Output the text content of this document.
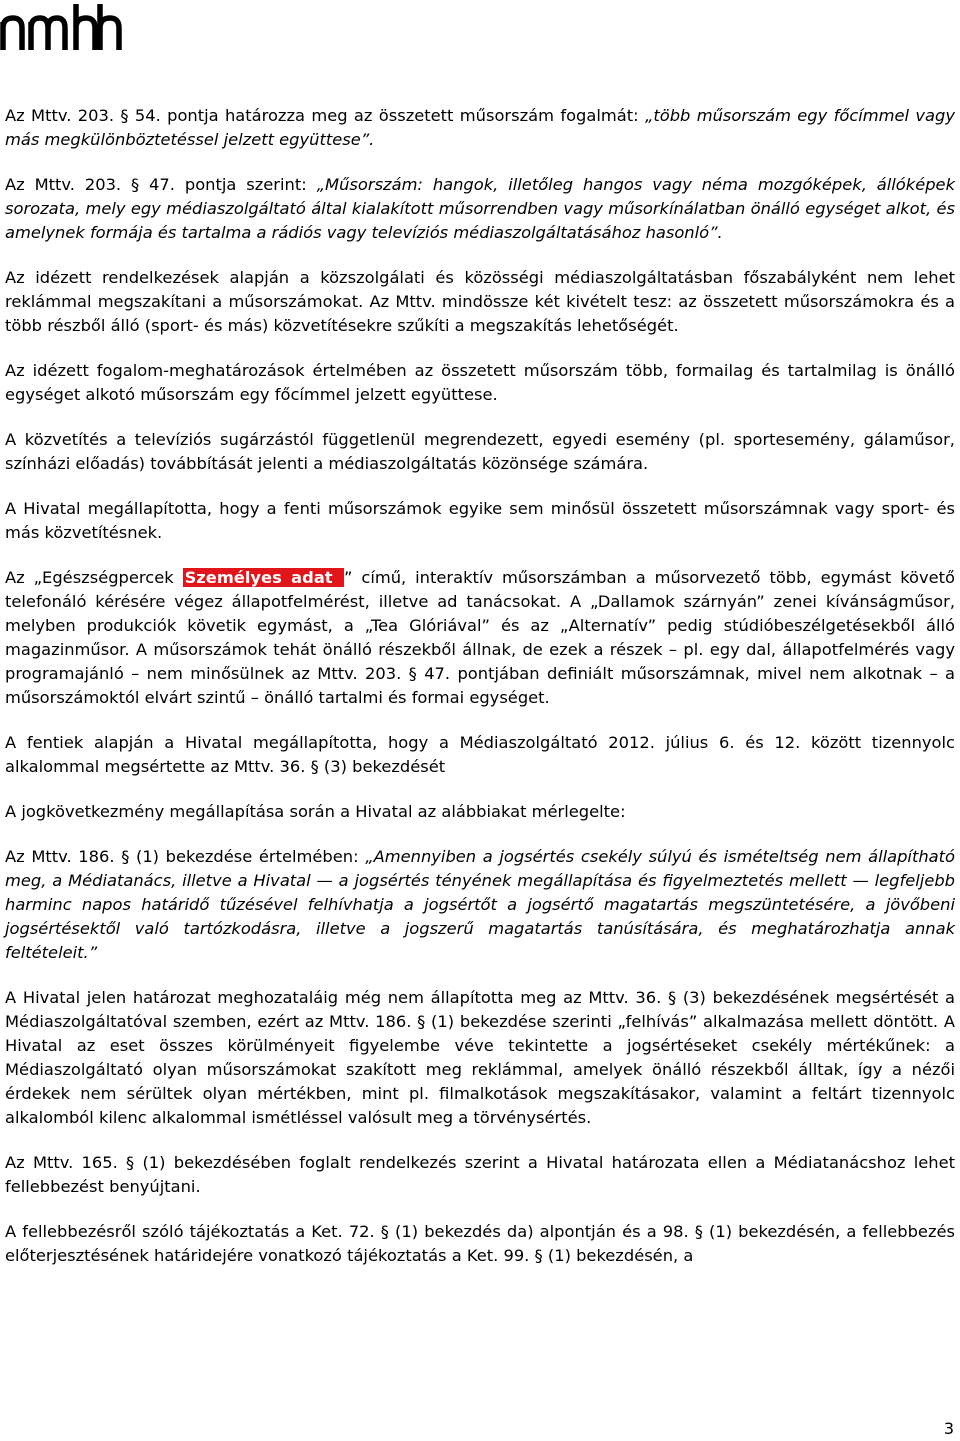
Az Mttv. 203. § 54. pontja határozza meg az összetett műsorszám fogalmát: „több műsorszám egy főcímmel vagy más megkülönböztetéssel jelzett együttese”.

Az Mttv. 203. § 47. pontja szerint: „Műsorszám: hangok, illetőleg hangos vagy néma mozgóképek, állóképek sorozata, mely egy médiaszolgáltató által kialakított műsorrendben vagy műsorkínálatban önálló egységet alkot, és amelynek formája és tartalma a rádiós vagy televíziós médiaszolgáltatásához hasonló”.

Az idézett rendelkezések alapján a közszolgálati és közösségi médiaszolgáltatásban főszabályként nem lehet reklámmal megszakítani a műsorszámokat. Az Mttv. mindössze két kivételt tesz: az összetett műsorszámokra és a több részből álló (sport- és más) közvetítésekre szűkíti a megszakítás lehetőségét.

Az idézett fogalom-meghatározások értelmében az összetett műsorszám több, formailag és tartalmilag is önálló egységet alkotó műsorszám egy főcímmel jelzett együttese.

A közvetítés a televíziós sugárzástól függetlenül megrendezett, egyedi esemény (pl. sportesemény, gálaműsor, színházi előadás) továbbítását jelenti a médiaszolgáltatás közönsége számára.

A Hivatal megállapította, hogy a fenti műsorszámok egyike sem minősül összetett műsorszámnak vagy sport- és más közvetítésnek.

Az „Egészségpercek Személyes adat ” című, interaktív műsorszámban a műsorvezető több, egymást követő telefonáló kérésére végez állapotfelmérést, illetve ad tanácsokat. A „Dallamok szárnyán” zenei kívánságműsor, melyben produkciók követik egymást, a „Tea Glóriával” és az „Alternatív” pedig stúdióbeszélgetésekből álló magazinműsor. A műsorszámok tehát önálló részekből állnak, de ezek a részek – pl. egy dal, állapotfelmérés vagy programajánló – nem minősülnek az Mttv. 203. § 47. pontjában definiált műsorszámnak, mivel nem alkotnak – a műsorszámoktól elvárt szintű – önálló tartalmi és formai egységet.

A fentiek alapján a Hivatal megállapította, hogy a Médiaszolgáltató 2012. július 6. és 12. között tizennyolc alkalommal megsértette az Mttv. 36. § (3) bekezdését

A jogkövetkezmény megállapítása során a Hivatal az alábbiakat mérlegelte:

Az Mttv. 186. § (1) bekezdése értelmében: „Amennyiben a jogsértés csekély súlyú és ismételtség nem állapítható meg, a Médiatanács, illetve a Hivatal — a jogsértés tényének megállapítása és figyelmeztetés mellett — legfeljebb harminc napos határidő tűzésével felhívhatja a jogsértőt a jogsértő magatartás megszüntetésére, a jövőbeni jogsértésektől való tartózkodásra, illetve a jogszerű magatartás tanúsítására, és meghatározhatja annak feltételeit.”

A Hivatal jelen határozat meghozataláig még nem állapította meg az Mttv. 36. § (3) bekezdésének megsértését a Médiaszolgáltatóval szemben, ezért az Mttv. 186. § (1) bekezdése szerinti „felhívás” alkalmazása mellett döntött. A Hivatal az eset összes körülményeit figyelembe véve tekintette a jogsértéseket csekély mértékűnek: a Médiaszolgáltató olyan műsorszámokat szakított meg reklámmal, amelyek önálló részekből álltak, így a nézői érdekek nem sérültek olyan mértékben, mint pl. filmalkotások megszakításakor, valamint a feltárt tizennyolc alkalomból kilenc alkalommal ismétléssel valósult meg a törvénysértés.

Az Mttv. 165. § (1) bekezdésében foglalt rendelkezés szerint a Hivatal határozata ellen a Médiatanácshoz lehet fellebbezést benyújtani.

A fellebbezésről szóló tájékoztatás a Ket. 72. § (1) bekezdés da) alpontján és a 98. § (1) bekezdésén, a fellebbezés előterjesztésének határidejére vonatkozó tájékoztatás a Ket. 99. § (1) bekezdésén, a

3
